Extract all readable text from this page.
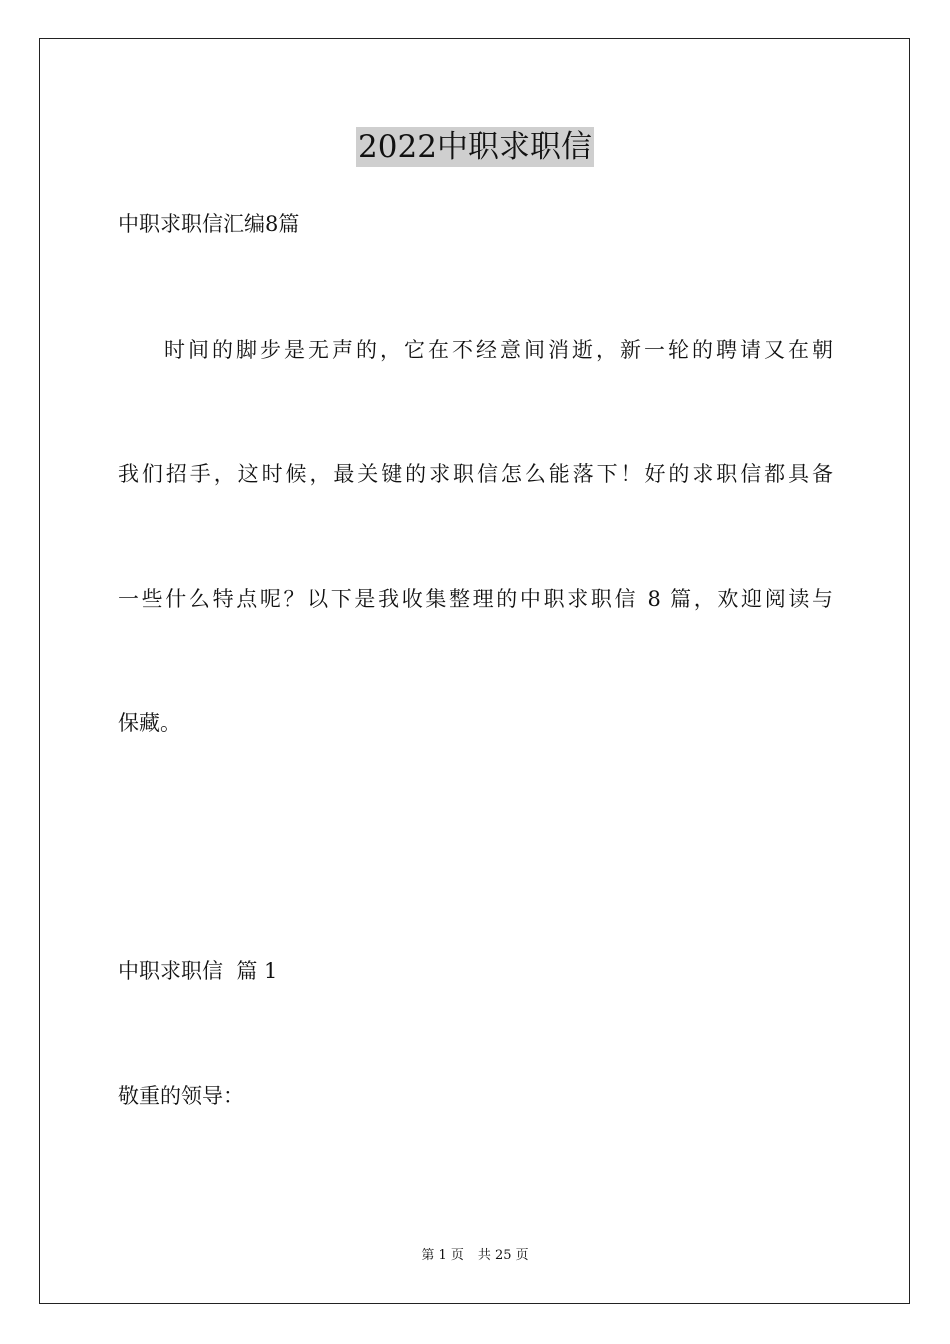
2022中职求职信
中职求职信汇编8篇
时间的脚步是无声的，它在不经意间消逝，新一轮的聘请又在朝
我们招手，这时候，最关键的求职信怎么能落下！好的求职信都具备
一些什么特点呢？以下是我收集整理的中职求职信 8 篇，欢迎阅读与
保藏。
中职求职信  篇 1
敬重的领导：
第 1 页 共 25 页
